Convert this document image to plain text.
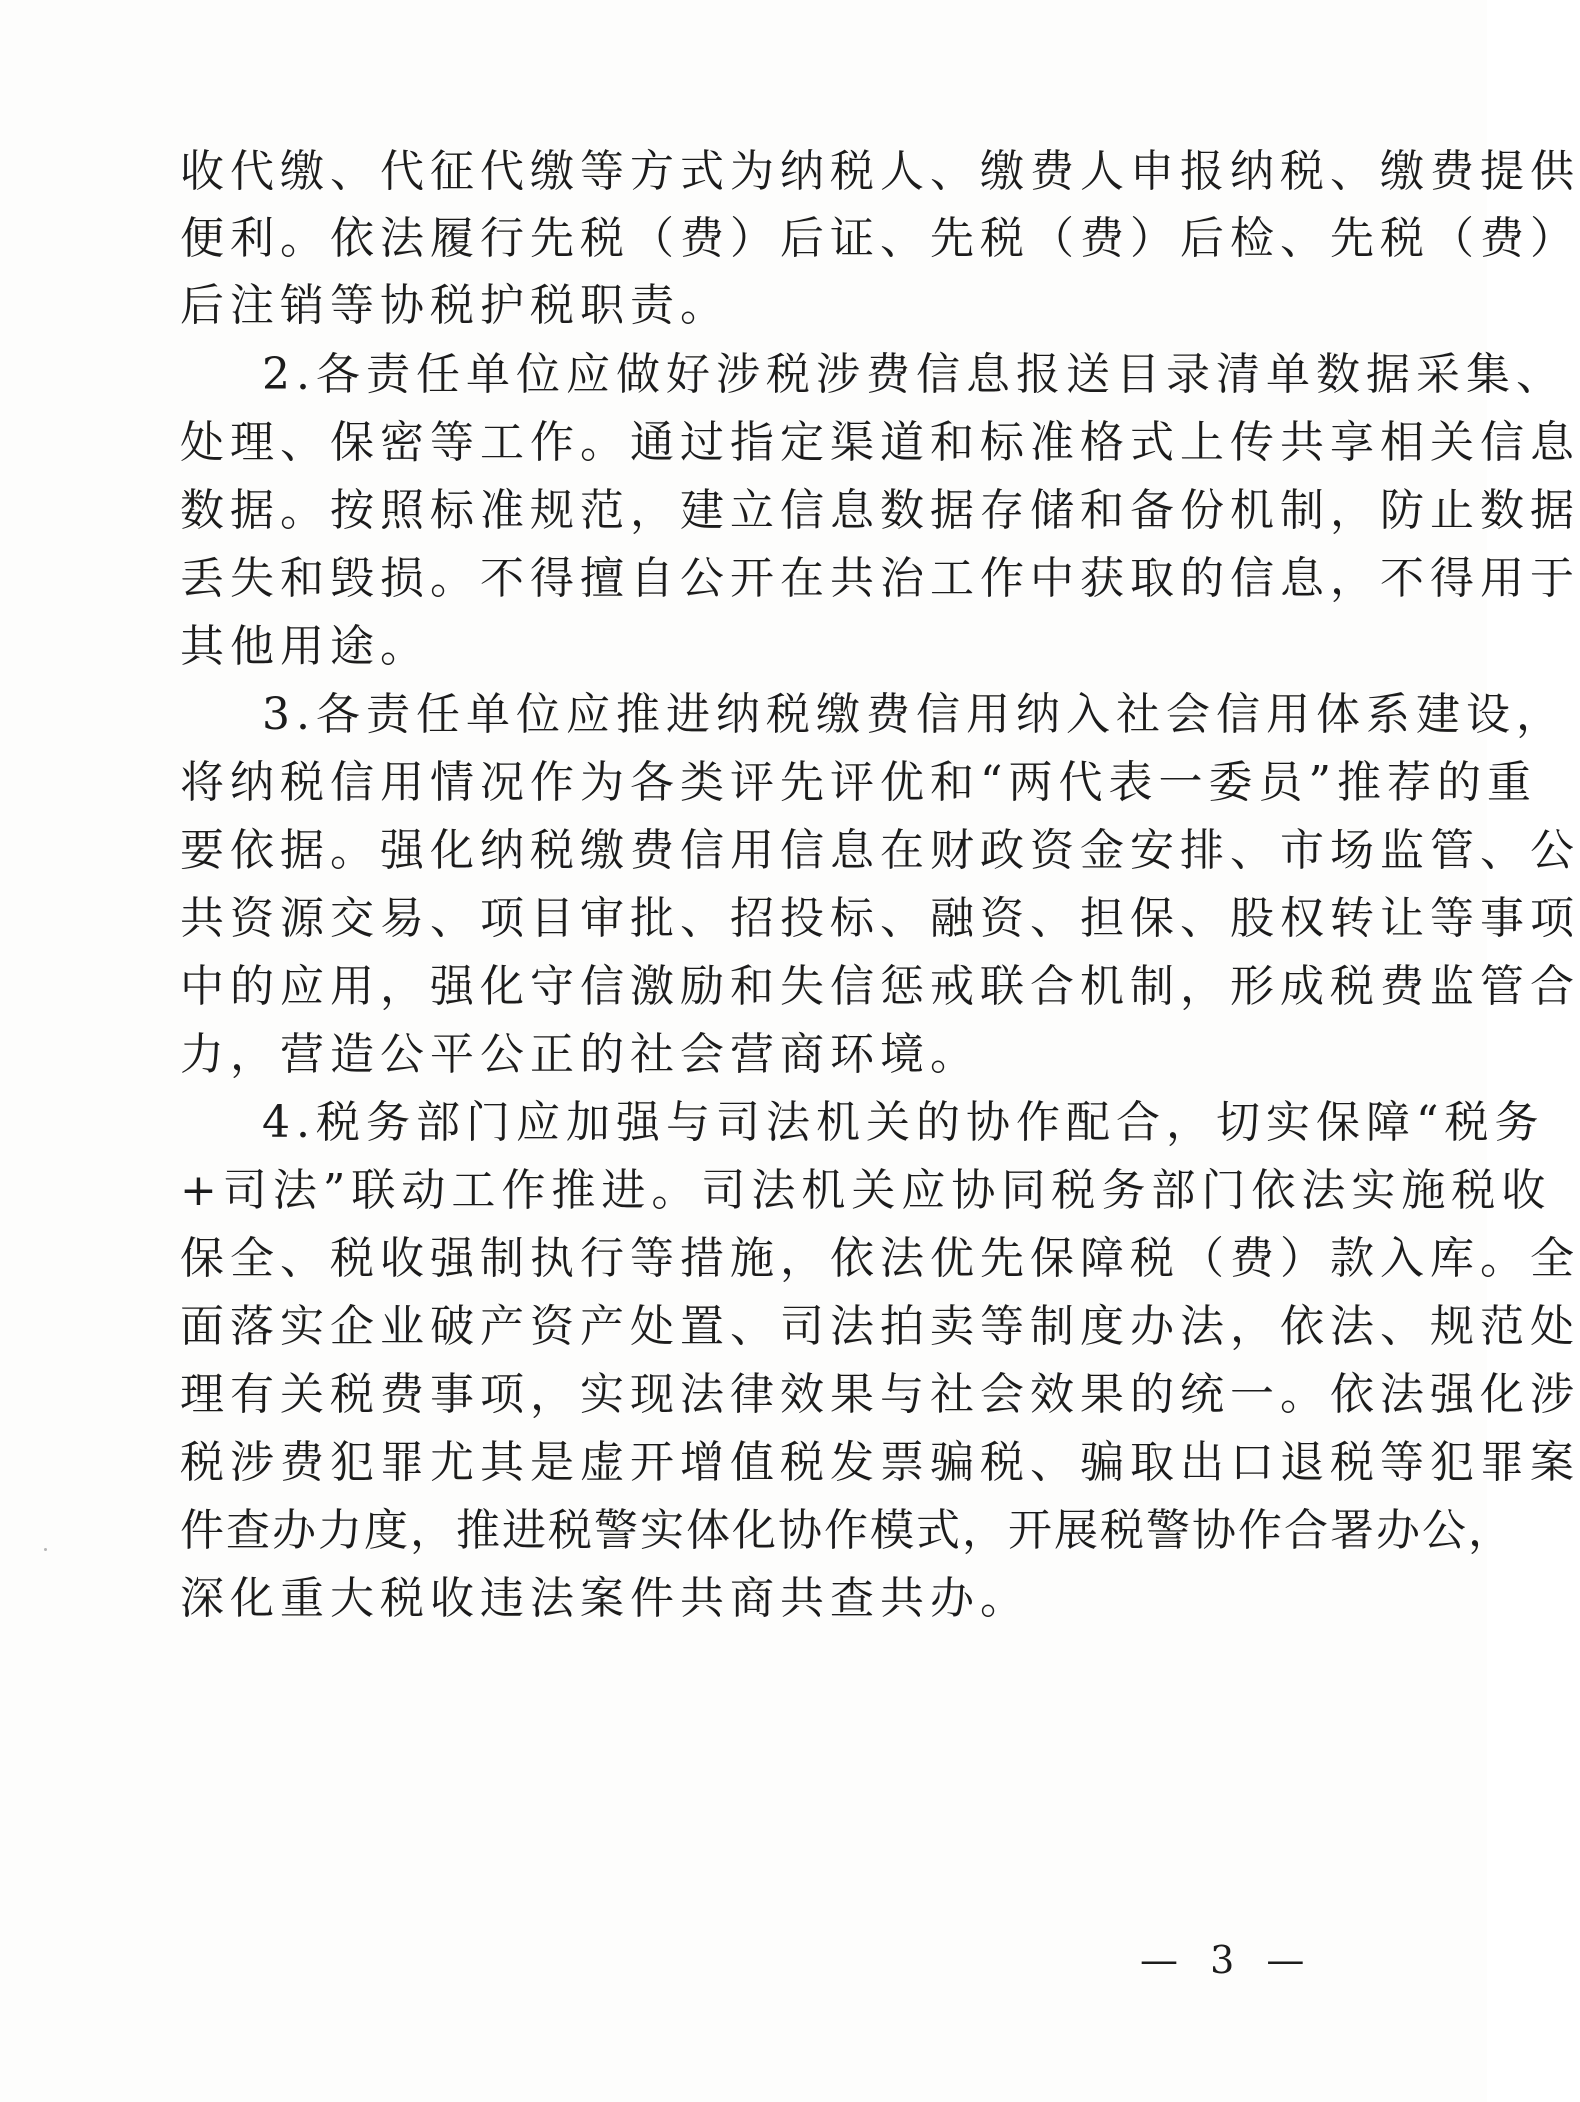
收代缴、代征代缴等方式为纳税人、缴费人申报纳税、缴费提供
便利。依法履行先税（费）后证、先税（费）后检、先税（费）
后注销等协税护税职责。
2.各责任单位应做好涉税涉费信息报送目录清单数据采集、
处理、保密等工作。通过指定渠道和标准格式上传共享相关信息
数据。按照标准规范，建立信息数据存储和备份机制，防止数据
丢失和毁损。不得擅自公开在共治工作中获取的信息，不得用于
其他用途。
3.各责任单位应推进纳税缴费信用纳入社会信用体系建设，
将纳税信用情况作为各类评先评优和“两代表一委员”推荐的重
要依据。强化纳税缴费信用信息在财政资金安排、市场监管、公
共资源交易、项目审批、招投标、融资、担保、股权转让等事项
中的应用，强化守信激励和失信惩戒联合机制，形成税费监管合
力，营造公平公正的社会营商环境。
4.税务部门应加强与司法机关的协作配合，切实保障“税务
+司法”联动工作推进。司法机关应协同税务部门依法实施税收
保全、税收强制执行等措施，依法优先保障税（费）款入库。全
面落实企业破产资产处置、司法拍卖等制度办法，依法、规范处
理有关税费事项，实现法律效果与社会效果的统一。依法强化涉
税涉费犯罪尤其是虚开增值税发票骗税、骗取出口退税等犯罪案
件查办力度，推进税警实体化协作模式，开展税警协作合署办公，
深化重大税收违法案件共商共查共办。
— 3 —
